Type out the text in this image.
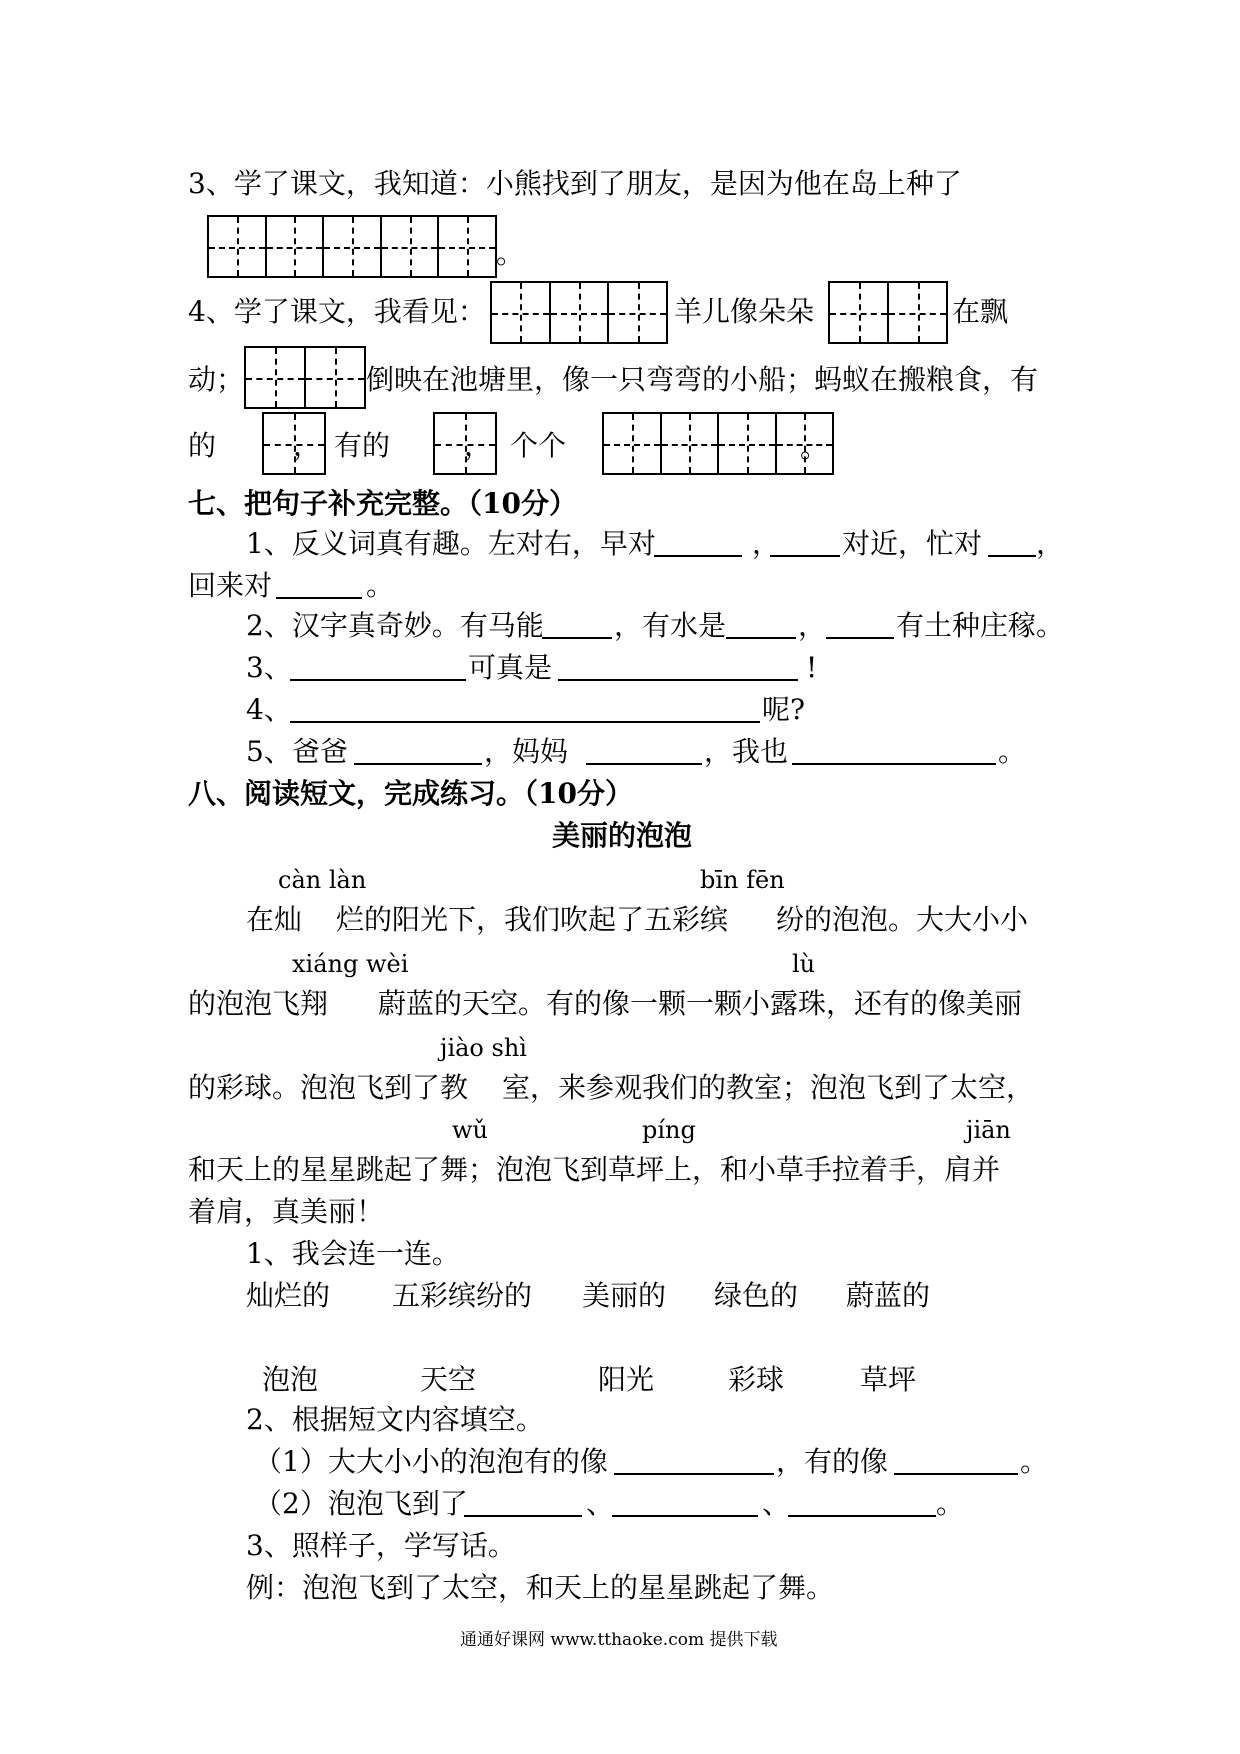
3、学了课文，我知道：小熊找到了朋友，是因为他在岛上种了
。
4、学了课文，我看见：	羊儿像朵朵	在飘
动；	倒映在池塘里，像一只弯弯的小船；蚂蚁在搬粮食，有
的	， 有的	， 个个	。
七、把句子补充完整。（10分）
1、反义词真有趣。左对右，早对	， 对近，忙对 ，
回来对	。
2、汉字真奇妙。有马能	，有水是	， 有土种庄稼。
3、	可真是	!
4、	呢?
5、爸爸	，妈妈	，我也	。
八、阅读短文，完成练习。（10分）
美丽的泡泡
càn làn	bīn fēn
在灿 烂的阳光下，我们吹起了五彩缤 纷的泡泡。大大小小
xiáng wèi	lù
的泡泡飞翔 蔚蓝的天空。有的像一颗一颗小露珠，还有的像美丽
jiào shì
的彩球。泡泡飞到了教 室，来参观我们的教室；泡泡飞到了太空，
wǔ	píng	jiān
和天上的星星跳起了舞；泡泡飞到草坪上，和小草手拉着手，肩并
着肩，真美丽！
1、我会连一连。
灿烂的 五彩缤纷的 美丽的 绿色的 蔚蓝的
泡泡	天空	阳光	彩球	草坪
2、根据短文内容填空。
（1）大大小小的泡泡有的像	，有的像	。
（2）泡泡飞到了	、	、	。
3、照样子，学写话。
例：泡泡飞到了太空，和天上的星星跳起了舞。
通通好课网 www.tthaoke.com 提供下载
